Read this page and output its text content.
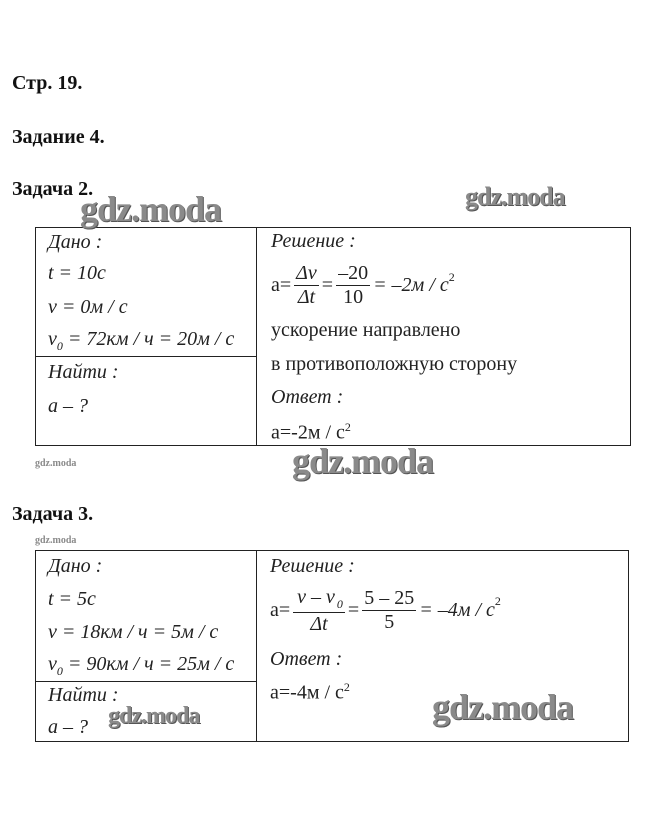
Стр. 19.
Задание 4.
Задача 2.
Дано :
t = 10c
v = 0м / с
$v_0 = 72км / ч = 20м / с$
Найти :
a – ?
Решение :
$a= \frac{\Delta v}{\Delta t} = \frac{-20}{10} = -2м / с^2$
ускорение направлено
в противоположную сторону
Ответ :
$a=-2м / с^2$
Задача 3.
Дано :
t = 5c
v = 18км / ч = 5м / с
$v_0 = 90км / ч = 25м / с$
Найти :
a – ?
Решение :
$a= \frac{v - v _0}{\Delta t} = \frac{5 - 25}{5} = -4м / с^2$
Ответ :
$a=-4м / с^2$
gdz.moda	gdz.moda
gdz.moda	gdz.moda
gdz.moda
gdz.moda	gdz.moda
